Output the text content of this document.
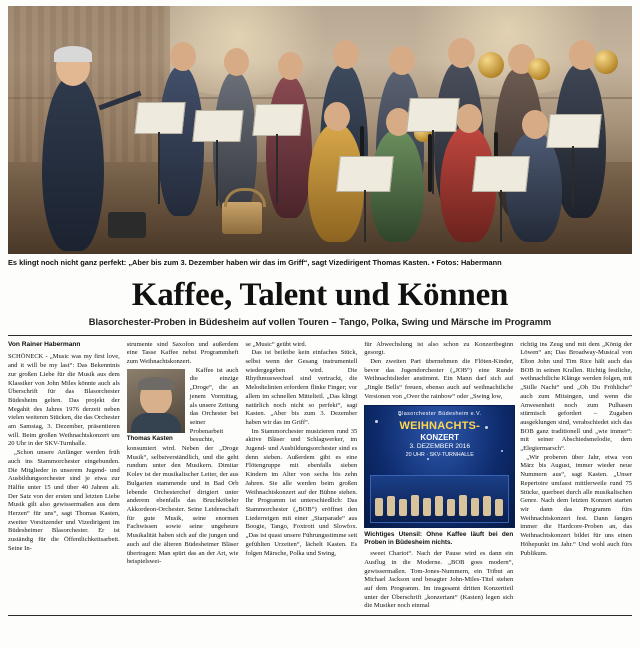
Es klingt noch nicht ganz perfekt: „Aber bis zum 3. Dezember haben wir das im Griff“, sagt Vizedirigent Thomas Kasten. • Fotos: Habermann
Kaffee, Talent und Können
Blasorchester-Proben in Büdesheim auf vollen Touren – Tango, Polka, Swing und Märsche im Programm
Von Rainer Habermann

SCHÖNECK - „Music was my first love, and it will be my last“: Das Bekenntnis zur großen Liebe für die Musik aus dem Klassiker von John Miles könnte auch als Überschrift für das Blasorchester Büdesheim gelten. Das projekt der Megahit des Jahres 1976 derzeit neben vielen weiteren Stücken, die das Orchester am Samstag, 3. Dezember, präsentieren will. Beim großen Weihnachtskonzert um 20 Uhr in der SKV-Turnhalle.

„Schon unsere Anfänger werden früh auch ins Stammorchester eingebunden. Die Mitglieder in unserem Jugend- und Ausbildungsorchester sind je etwa zur Hälfte unter 15 und über 40 Jahren alt. Der Satz von der ersten und letzten Liebe Musik gilt also gewissermaßen aus dem Herzen“ für uns“, sagt Thomas Kasten, zweiter Vorsitzender und Vizedirigent im Büdesheimer Blasorchester. Er ist zuständig für die Öffentlichkeitsarbeit. Seine In-

strumente sind Saxofon und außerdem eine Tasse Kaffee nebst Programmheft zum Weihnachtskonzert.

Thomas Kasten

Kaffee ist auch die einzige „Droge“, die an jenem Vormittag, als unsere Zeitung das Orchester bei seiner Probenarbeit besuchte, konsumiert wird. Neben der „Droge Musik“, selbstverständlich, und die geht rundum unter den Musikern. Dimitar Kolev ist der musikalischer Leiter, der aus Bulgarien stammende und in Bad Orb lebende Orchesterchef dirigiert unter anderem ebenfalls das Bruchköbeler Akkordeon-Orchester. Seine Leidenschaft für gute Musik, seine enormen Fachwissen sowie seine ungeheure Musikalität haben sich auf die jungen und auch auf die älteren Büdesheimer Bläser übertragen: Man spürt das an der Art, wie beispielswei-

se „Music“ geübt wird.

Das ist beileibe kein einfaches Stück, selbst wenn der Gesang instrumentell wiedergegeben wird. Die Rhythmuswechsel sind vertrackt, die Melodielinien erfordern flinke Finger; vor allem im schnellen Mittelteil. „Das klingt natürlich noch nicht so perfekt“, sagt Kasten. „Aber bis zum 3. Dezember haben wir das im Griff“.

Im Stammorchester musizieren rund 35 aktive Bläser und Schlagwerker, im Jugend- und Ausbildungsorchester sind es denn sieben. Außerdem gibt es eine Flötengruppe mit ebenfalls sieben Kindern im Alter von sechs bis zehn Jahren. Sie alle werden beim großen Weihnachtskonzert auf der Bühne stehen. Ihr Programm ist unterschiedlich: Das Stammorchester („BOB“) eröffnet den Liederreigen mit einer „Starparade“ aus Boogie, Tango, Foxtrott und Slowfox. „Das ist quasi unsere Führungsstimme seit gefühlten Urzeiten“, lächelt Kasten. Es folgen Märsche, Polka und Swing,

für Abwechslung ist also schon zu Konzertbeginn gesorgt.

Den zweiten Part übernehmen die Flöten-Kinder, bevor das Jugendorchester („JOB“) eine Runde Weihnachtslieder anstimmt. Ein Mann darf sich auf „Jingle Bells“ freuen, ebenso auch auf weihnachtliche Versionen von „Over the rainbow“ oder „Swing low,

Blasorchester Büdesheim e.V.
WEIHNACHTS-
KONZERT
3. DEZEMBER 2016
20 UHR · SKV-TURNHALLE
Wichtiges Utensil: Ohne Kaffee läuft bei den Proben in Büdesheim nichts.

sweet Chariot“. Nach der Pause wird es dann ein Ausflug in die Moderne. „BOB goes modern“, gewissermaßen. Tom-Jones-Nummern, ein Tribut an Michael Jackson und besagter John-Miles-Titel stehen auf dem Programm. Im insgesamt dritten Konzertteil unter der Überschrift „konzertant“ (Kasten) legen sich die Musiker noch einmal

richtig ins Zeug und mit dem „König der Löwen“ an; Das Broadway-Musical von Elton John und Tim Rice hält auch das BOB in seinen Krallen. Richtig festliche, weihnachtliche Klänge werden folgen, mit „Stille Nacht“ und „Oh Du Fröhliche“ auch zum Mitsingen, und wenn die Anwesenheit noch zum Pulhasen stürmisch gefordert – Zugaben ausgeklungen sind, verabschiedet sich das BOB ganz traditionell und „wie immer“: mit seiner Abschiedsmelodie, dem „Elegiermarsch“.

„Wir proberen über Jahr, etwa von März bis August, immer wieder neue Nummern aus“, sagt Kasten. „Unser Repertoire umfasst mittlerweile rund 75 Stücke, querbeet durch alle musikalischen Genre. Nach dem letzten Konzert starten wir dann das Programm fürs Weihnachtskonzert fest. Dann fangen immer die Hardcore-Proben an, das Weihnachtskonzert bildet für uns einen Höhepunkt im Jahr.“ Und wohl auch fürs Publikum.
